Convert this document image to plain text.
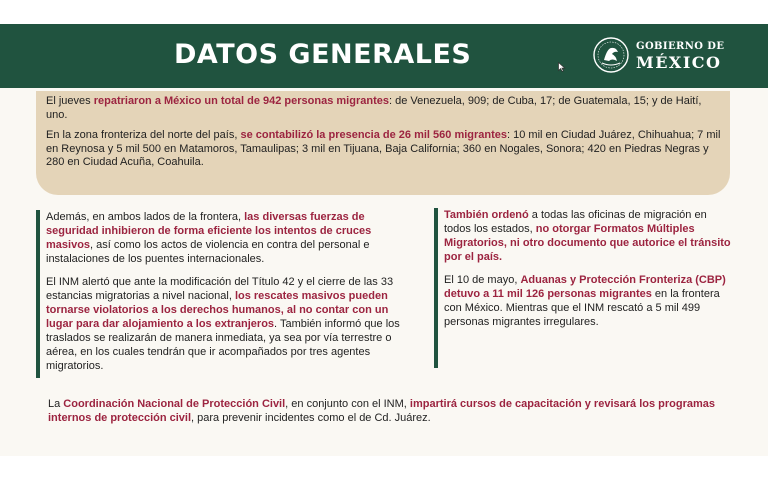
DATOS GENERALES	GOBIERNO DE
MÉXICO

El jueves repatriaron a México un total de 942 personas migrantes: de Venezuela, 909; de Cuba, 17; de Guatemala, 15; y de Haití, uno.

En la zona fronteriza del norte del país, se contabilizó la presencia de 26 mil 560 migrantes: 10 mil en Ciudad Juárez, Chihuahua; 7 mil en Reynosa y 5 mil 500 en Matamoros, Tamaulipas; 3 mil en Tijuana, Baja California; 360 en Nogales, Sonora; 420 en Piedras Negras y 280 en Ciudad Acuña, Coahuila.

Además, en ambos lados de la frontera, las diversas fuerzas de seguridad inhibieron de forma eficiente los intentos de cruces masivos, así como los actos de violencia en contra del personal e instalaciones de los puentes internacionales.

El INM alertó que ante la modificación del Título 42 y el cierre de las 33 estancias migratorias a nivel nacional, los rescates masivos pueden tornarse violatorios a los derechos humanos, al no contar con un lugar para dar alojamiento a los extranjeros. También informó que los traslados se realizarán de manera inmediata, ya sea por vía terrestre o aérea, en los cuales tendrán que ir acompañados por tres agentes migratorios.

También ordenó a todas las oficinas de migración en todos los estados, no otorgar Formatos Múltiples Migratorios, ni otro documento que autorice el tránsito por el país.

El 10 de mayo, Aduanas y Protección Fronteriza (CBP) detuvo a 11 mil 126 personas migrantes en la frontera con México. Mientras que el INM rescató a 5 mil 499 personas migrantes irregulares.

La Coordinación Nacional de Protección Civil, en conjunto con el INM, impartirá cursos de capacitación y revisará los programas internos de protección civil, para prevenir incidentes como el de Cd. Juárez.
